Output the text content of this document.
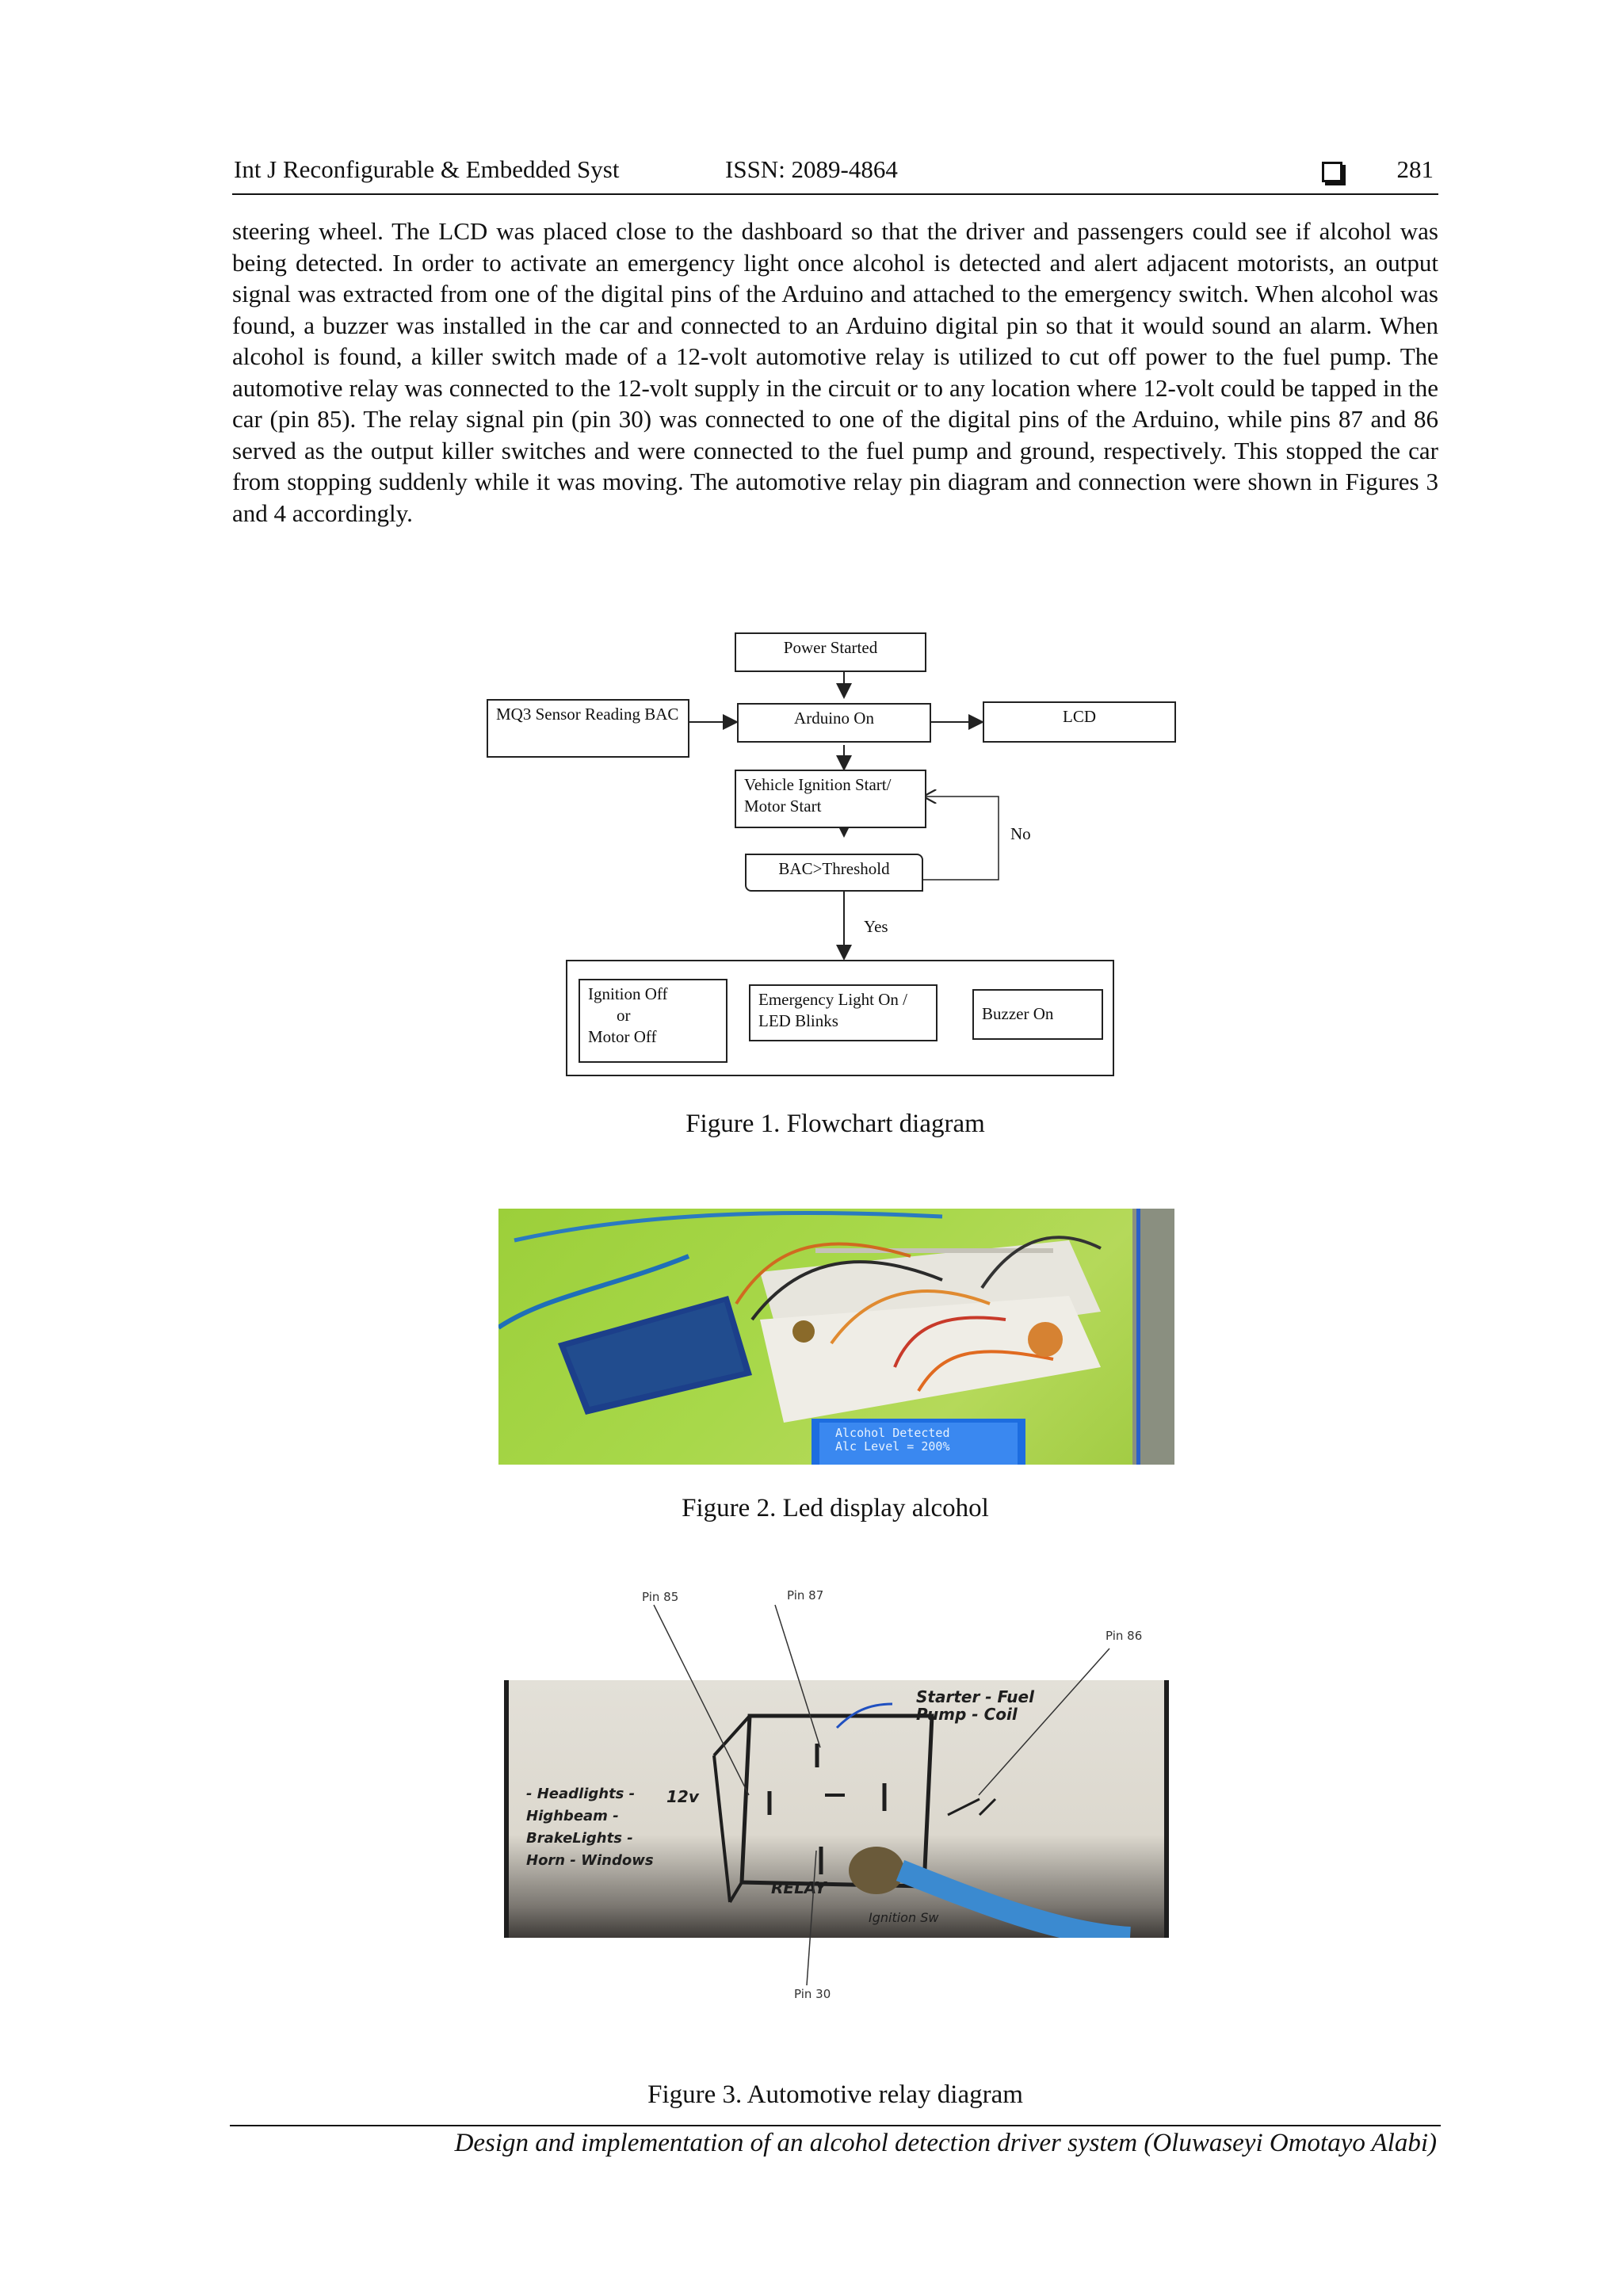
Int J Reconfigurable & Embedded Syst	ISSN: 2089-4864	281

steering wheel. The LCD was placed close to the dashboard so that the driver and passengers could see if alcohol was being detected. In order to activate an emergency light once alcohol is detected and alert adjacent motorists, an output signal was extracted from one of the digital pins of the Arduino and attached to the emergency switch. When alcohol was found, a buzzer was installed in the car and connected to an Arduino digital pin so that it would sound an alarm. When alcohol is found, a killer switch made of a 12-volt automotive relay is utilized to cut off power to the fuel pump. The automotive relay was connected to the 12-volt supply in the circuit or to any location where 12-volt could be tapped in the car (pin 85). The relay signal pin (pin 30) was connected to one of the digital pins of the Arduino, while pins 87 and 86 served as the output killer switches and were connected to the fuel pump and ground, respectively. This stopped the car from stopping suddenly while it was moving. The automotive relay pin diagram and connection were shown in Figures 3 and 4 accordingly.

Power Started
MQ3 Sensor Reading BAC	Arduino On	LCD
Vehicle Ignition Start/ Motor Start
BAC>Threshold
No
Yes
Ignition Off
or
Motor Off
Emergency Light On / LED Blinks	Buzzer On
Figure 1. Flowchart diagram
Alcohol Detected
Alc Level = 200%
Figure 2. Led display alcohol
Starter - Fuel Pump - Coil
- Headlights - Highbeam - BrakeLights - Horn - Windows
12v
RELAY
Ignition Sw
Pin 85	Pin 87
Pin 86
Pin 30
Figure 3. Automotive relay diagram
Design and implementation of an alcohol detection driver system (Oluwaseyi Omotayo Alabi)
